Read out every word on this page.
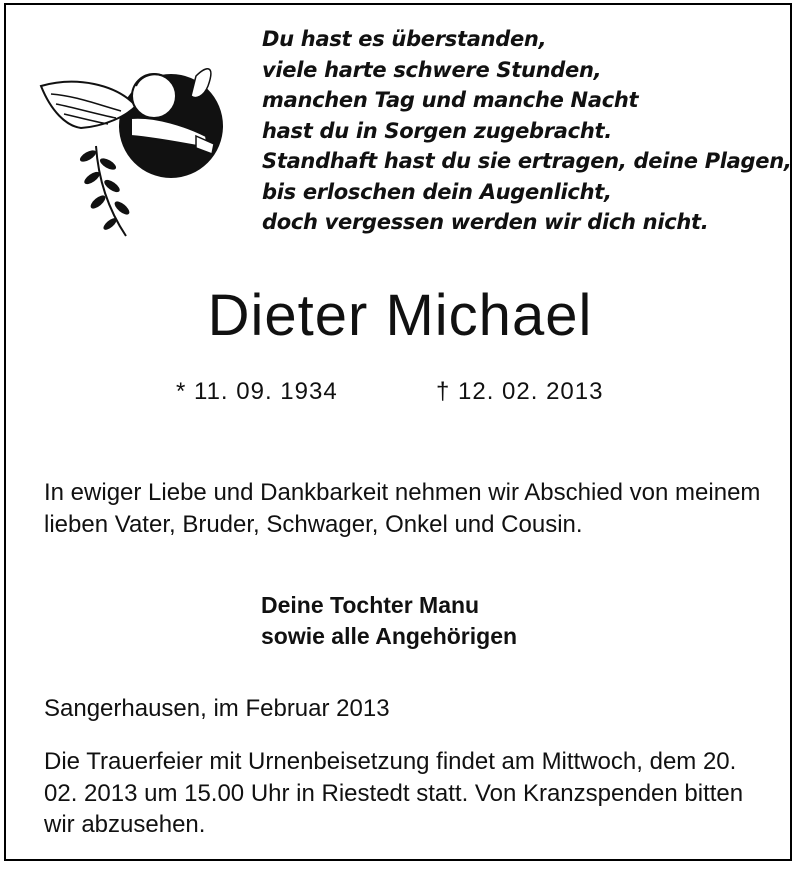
Du hast es überstanden,
viele harte schwere Stunden,
manchen Tag und manche Nacht
hast du in Sorgen zugebracht.
Standhaft hast du sie ertragen, deine Plagen,
bis erloschen dein Augenlicht,
doch vergessen werden wir dich nicht.
Dieter Michael
* 11. 09. 1934	† 12. 02. 2013

In ewiger Liebe und Dankbarkeit nehmen wir Abschied von meinem lieben Vater, Bruder, Schwager, Onkel und Cousin.

Deine Tochter Manu
sowie alle Angehörigen
Sangerhausen, im Februar 2013

Die Trauerfeier mit Urnenbeisetzung findet am Mittwoch, dem 20. 02. 2013 um 15.00 Uhr in Riestedt statt. Von Kranzspenden bitten wir abzusehen.
